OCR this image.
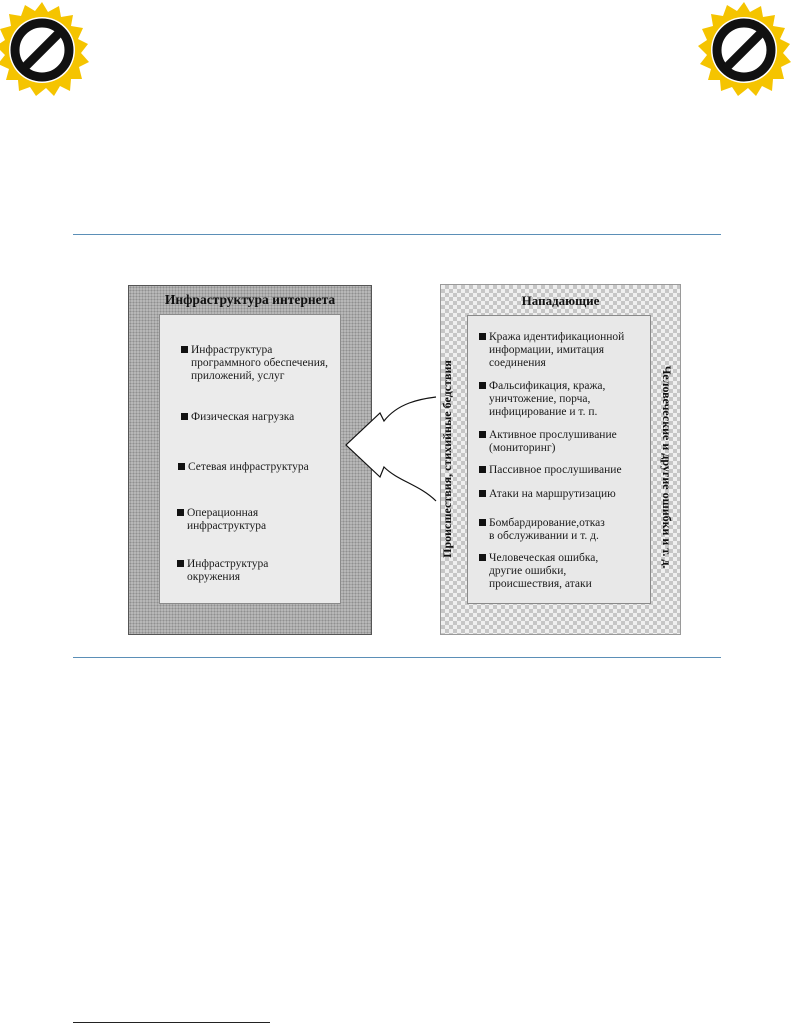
Инфраструктура интернета
Инфраструктура
программного обеспечения,
приложений, услуг
Физическая нагрузка
Сетевая инфраструктура
Операционная
инфраструктура
Инфраструктура
окружения
Нападающие
Происшествия, стихийные бедствия	Человеческие и другие ошибки и т. д.
Кража идентификационной
информации, имитация
соединения
Фальсификация, кража,
уничтожение, порча,
инфицирование и т. п.
Активное прослушивание
(мониторинг)
Пассивное прослушивание
Атаки на маршрутизацию
Бомбардирование,отказ
в обслуживании и т. д.
Человеческая ошибка,
другие ошибки,
происшествия, атаки
